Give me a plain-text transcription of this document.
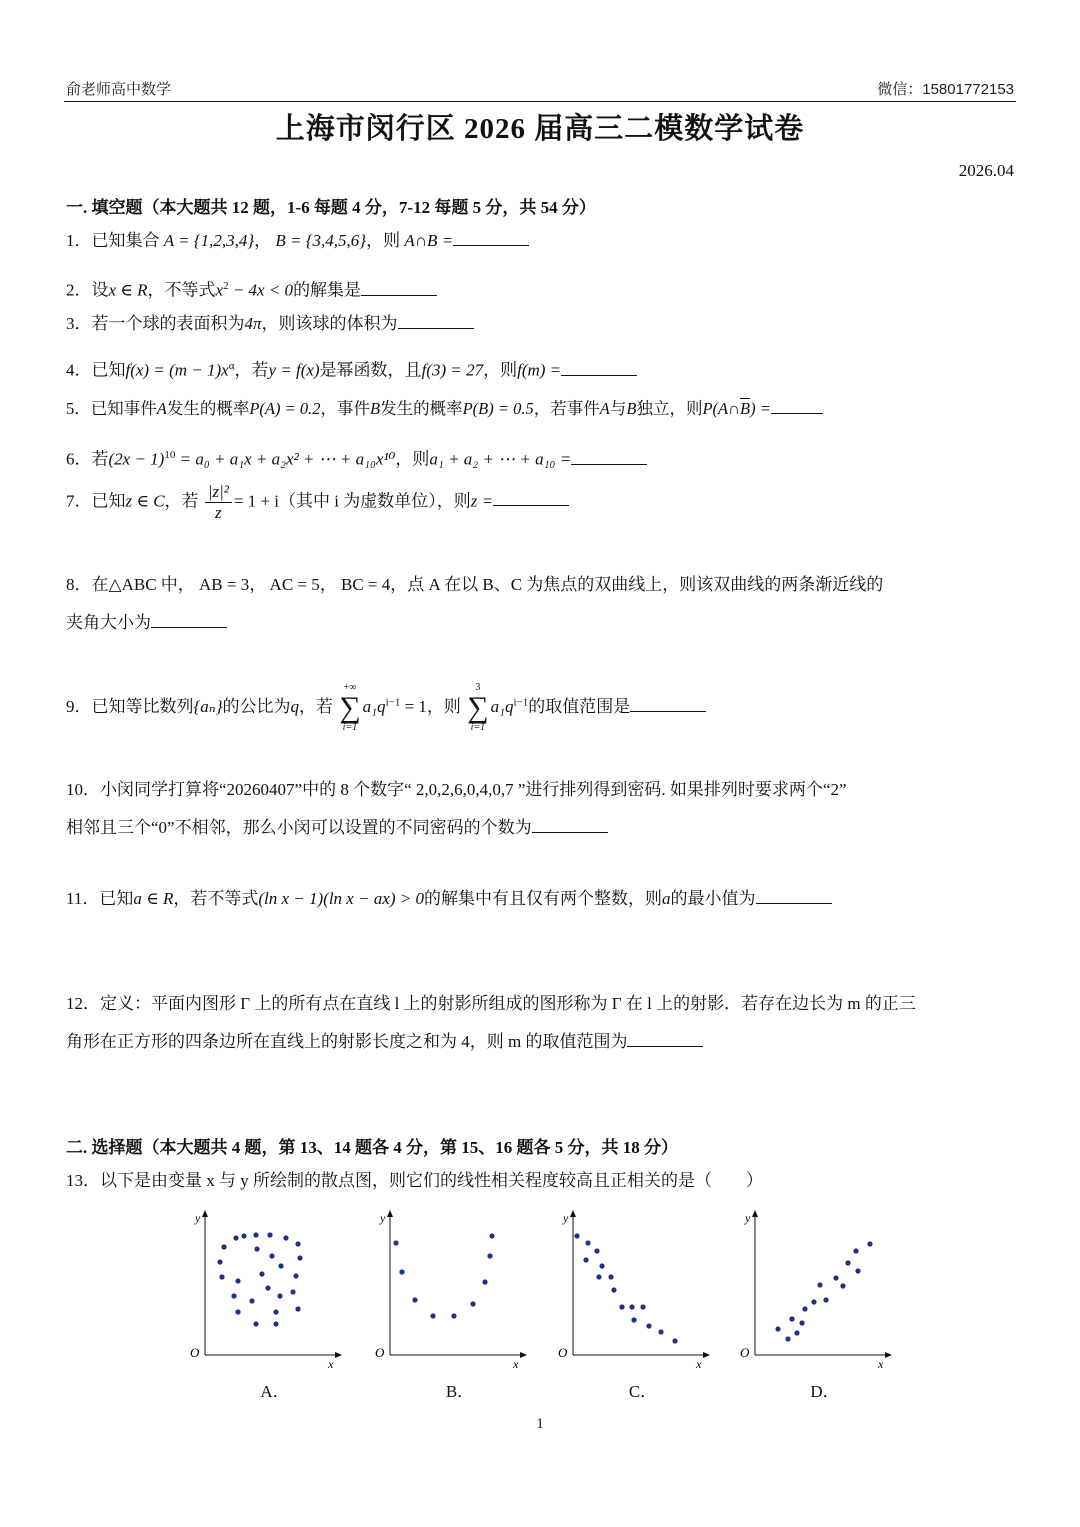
俞老师高中数学	微信：15801772153
上海市闵行区 2026 届高三二模数学试卷
2026.04
一. 填空题（本大题共 12 题，1-6 每题 4 分，7-12 每题 5 分，共 54 分）
1．已知集合 A = {1,2,3,4}， B = {3,4,5,6}，则 A∩B =
2．设x ∈ R，不等式$x^2 - 4x < 0$的解集是
3．若一个球的表面积为4π，则该球的体积为
4．已知$f(x) = (m - 1)x^\alpha$，若y = f(x)是幂函数，且f(3) = 27，则f(m) =
5．已知事件A发生的概率P(A) = 0.2，事件B发生的概率P(B) = 0.5，若事件A与B独立，则$P(A\cap\overline{B})$ =
6．若$(2x - 1)^{10} = a_0 + a_1x + a_2x^2$ + ⋯ + a₁₀x¹⁰，则a₁ + a₂ + ⋯ + a₁₀ =
7．已知z ∈ C，若 $\frac{\text{|z|²}}{z} = 1 + i$（其中 i 为虚数单位），则z =
8．在△ABC 中， AB = 3， AC = 5， BC = 4，点 A 在以 B、C 为焦点的双曲线上，则该双曲线的两条渐近线的
夹角大小为
9．已知等比数列{aₙ}的公比为q，若
+∞
∑
i=1
$a_1q^{i-1} = 1$，则
3
∑
i=1
$a_1q^{i-1}$的取值范围是
10．小闵同学打算将“20260407”中的 8 个数字“ 2,0,2,6,0,4,0,7 ”进行排列得到密码. 如果排列时要求两个“2”
相邻且三个“0”不相邻，那么小闵可以设置的不同密码的个数为
11．已知a ∈ R，若不等式(ln x − 1)(ln x − ax) > 0的解集中有且仅有两个整数，则a的最小值为
12．定义：平面内图形 Γ 上的所有点在直线 l 上的射影所组成的图形称为 Γ 在 l 上的射影．若存在边长为 m 的正三
角形在正方形的四条边所在直线上的射影长度之和为 4，则 m 的取值范围为
二. 选择题（本大题共 4 题，第 13、14 题各 4 分，第 15、16 题各 5 分，共 18 分）
13．以下是由变量 x 与 y 所绘制的散点图，则它们的线性相关程度较高且正相关的是（　　）
y
x
O
A．
y
x
O
B．
y
x
O
C．
y
x
O
D．
1
